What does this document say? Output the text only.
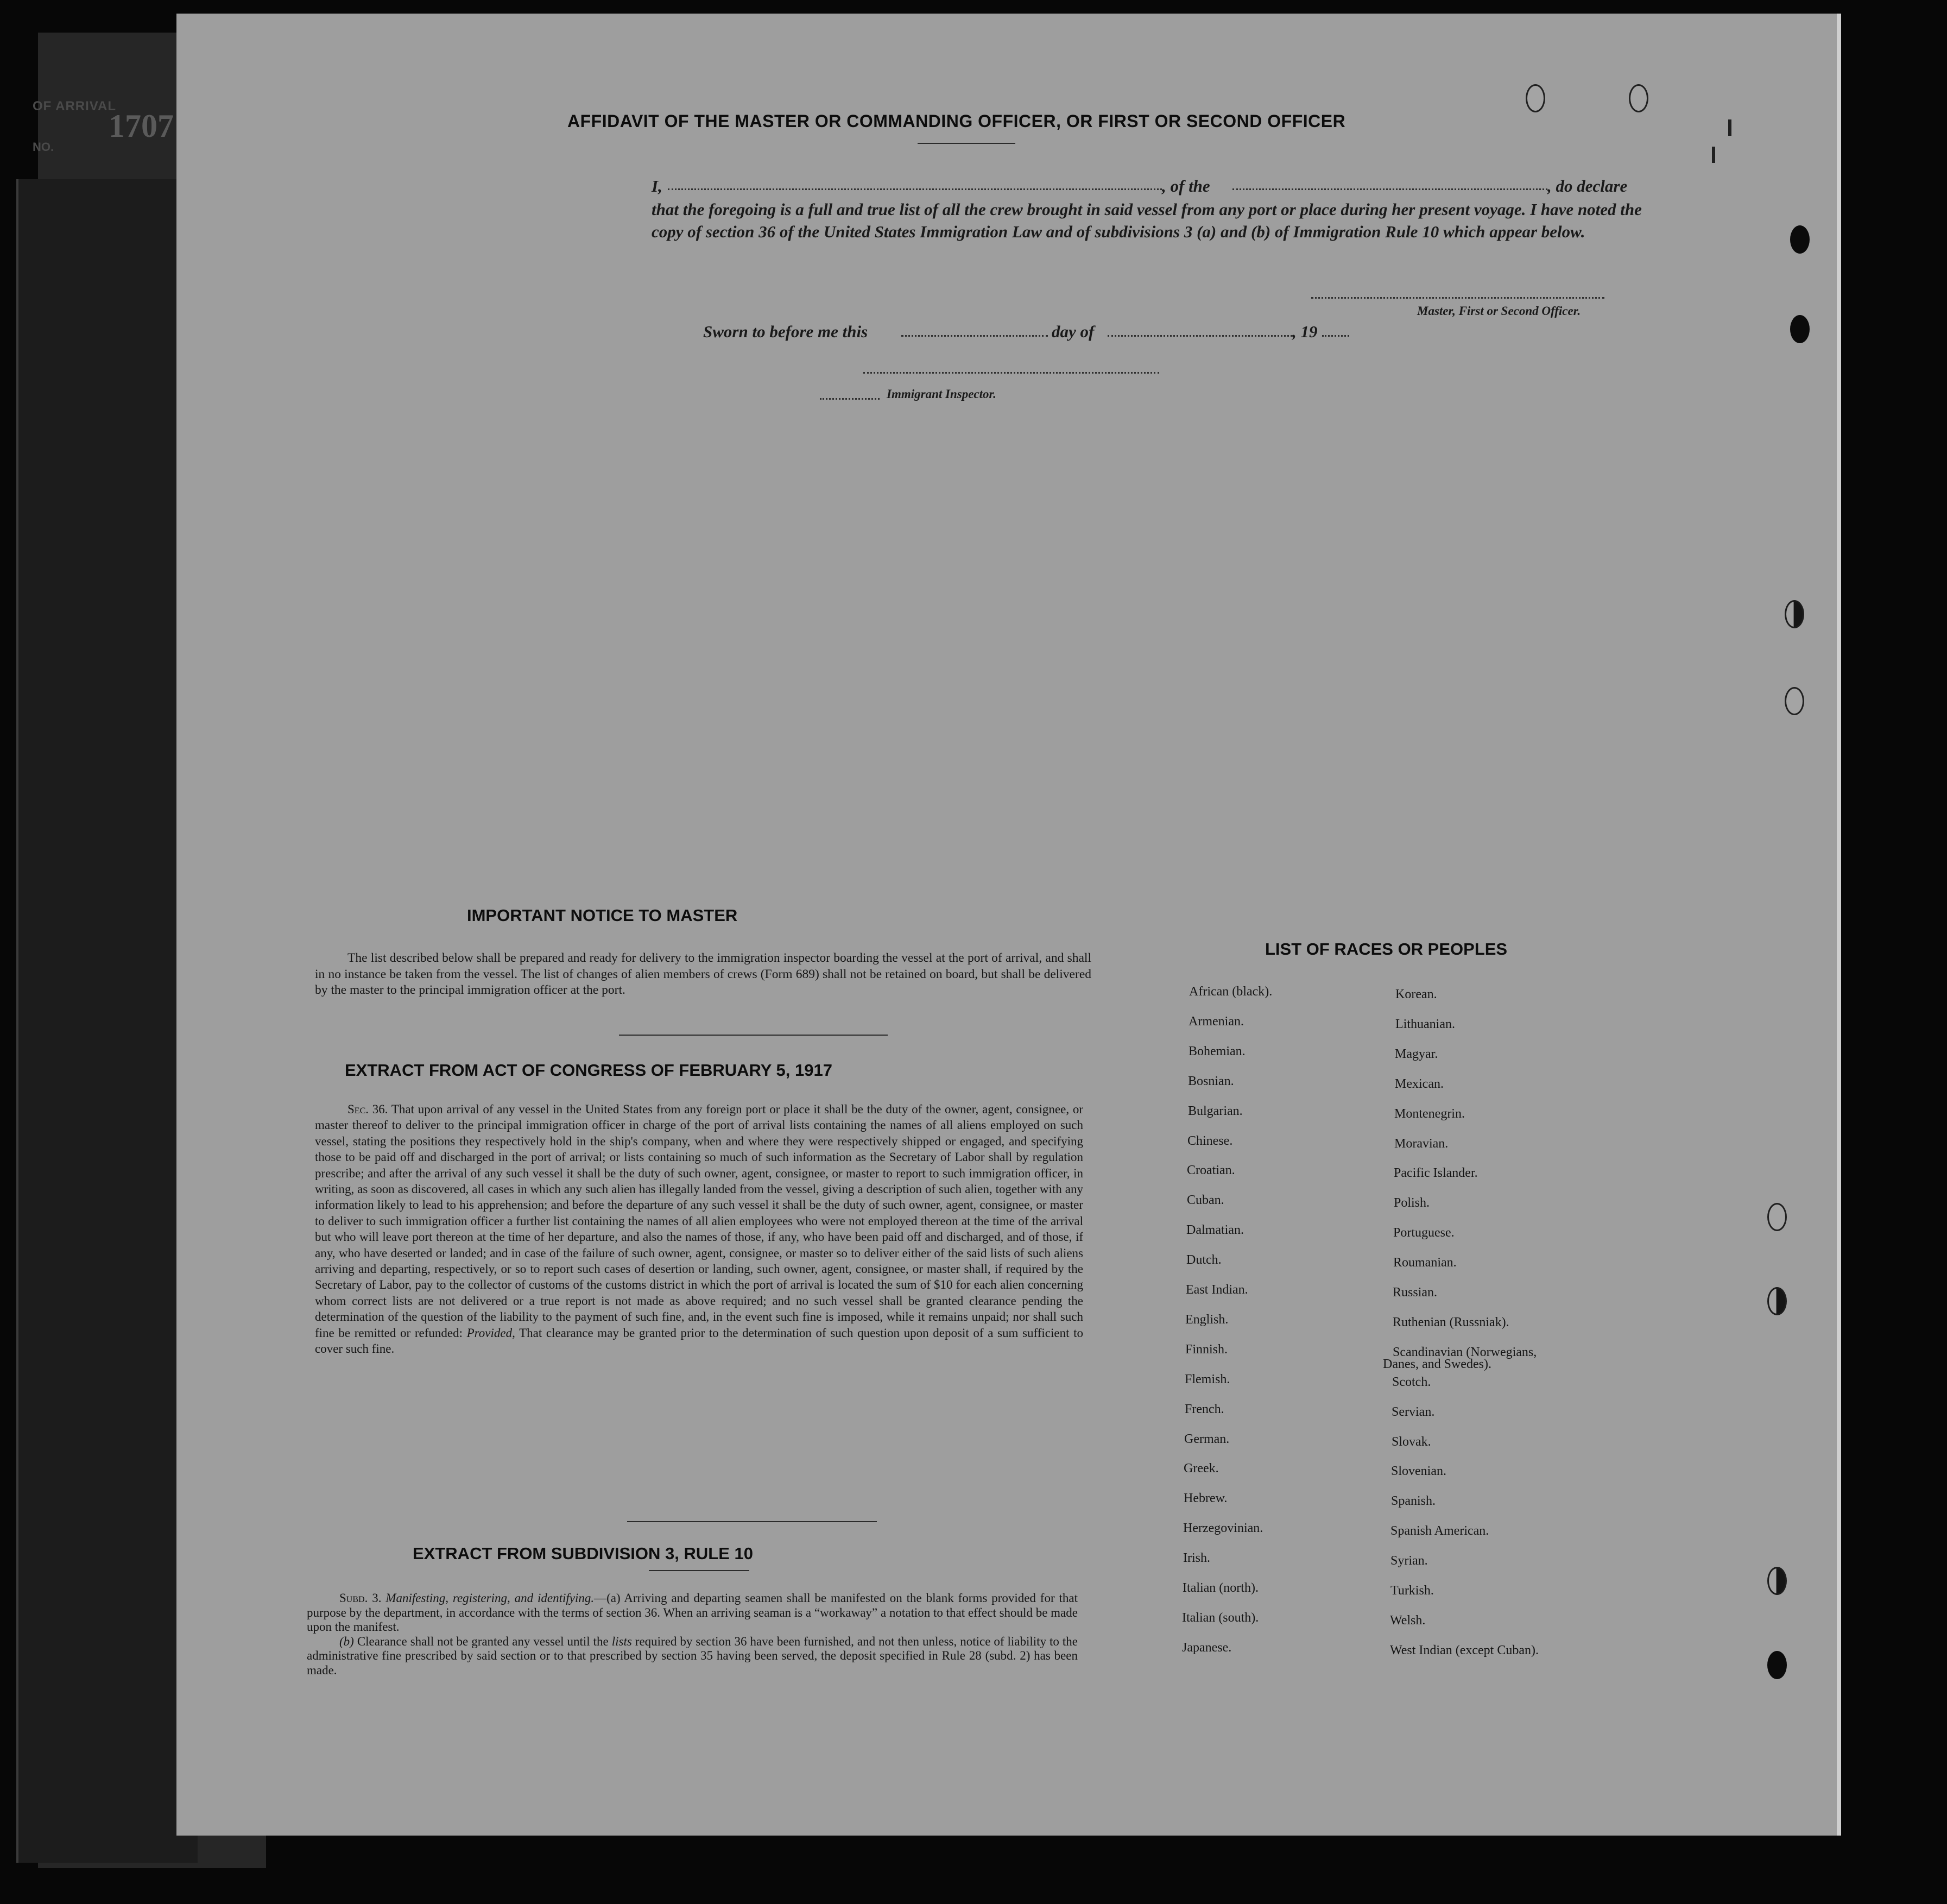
OF ARRIVAL
1707
NO.
AFFIDAVIT OF THE MASTER OR COMMANDING OFFICER, OR FIRST OR SECOND OFFICER
I,	, of the	, do declare
that the foregoing is a full and true list of all the crew brought in said vessel from any port or place during her present voyage. I have noted the copy of section 36 of the United States Immigration Law and of subdivisions 3 (a) and (b) of Immigration Rule 10 which appear below.
Master, First or Second Officer.
Sworn to before me this	day of	, 19
Immigrant Inspector.
IMPORTANT NOTICE TO MASTER

The list described below shall be prepared and ready for delivery to the immigration inspector boarding the vessel at the port of arrival, and shall in no instance be taken from the vessel. The list of changes of alien members of crews (Form 689) shall not be retained on board, but shall be delivered by the master to the principal immigration officer at the port.

EXTRACT FROM ACT OF CONGRESS OF FEBRUARY 5, 1917

Sec. 36. That upon arrival of any vessel in the United States from any foreign port or place it shall be the duty of the owner, agent, consignee, or master thereof to deliver to the principal immigration officer in charge of the port of arrival lists containing the names of all aliens employed on such vessel, stating the positions they respectively hold in the ship's company, when and where they were respectively shipped or engaged, and specifying those to be paid off and discharged in the port of arrival; or lists containing so much of such information as the Secretary of Labor shall by regulation prescribe; and after the arrival of any such vessel it shall be the duty of such owner, agent, consignee, or master to report to such immigration officer, in writing, as soon as discovered, all cases in which any such alien has illegally landed from the vessel, giving a description of such alien, together with any information likely to lead to his apprehension; and before the departure of any such vessel it shall be the duty of such owner, agent, consignee, or master to deliver to such immigration officer a further list containing the names of all alien employees who were not employed thereon at the time of the arrival but who will leave port thereon at the time of her departure, and also the names of those, if any, who have been paid off and discharged, and of those, if any, who have deserted or landed; and in case of the failure of such owner, agent, consignee, or master so to deliver either of the said lists of such aliens arriving and departing, respectively, or so to report such cases of desertion or landing, such owner, agent, consignee, or master shall, if required by the Secretary of Labor, pay to the collector of customs of the customs district in which the port of arrival is located the sum of $10 for each alien concerning whom correct lists are not delivered or a true report is not made as above required; and no such vessel shall be granted clearance pending the determination of the question of the liability to the payment of such fine, and, in the event such fine is imposed, while it remains unpaid; nor shall such fine be remitted or refunded: Provided, That clearance may be granted prior to the determination of such question upon deposit of a sum sufficient to cover such fine.

EXTRACT FROM SUBDIVISION 3, RULE 10

Subd. 3. Manifesting, registering, and identifying.—(a) Arriving and departing seamen shall be manifested on the blank forms provided for that purpose by the department, in accordance with the terms of section 36. When an arriving seaman is a “workaway” a notation to that effect should be made upon the manifest.

(b) Clearance shall not be granted any vessel until the lists required by section 36 have been furnished, and not then unless, notice of liability to the administrative fine prescribed by said section or to that prescribed by section 35 having been served, the deposit specified in Rule 28 (subd. 2) has been made.

LIST OF RACES OR PEOPLES
African (black).
Armenian.
Bohemian.
Bosnian.
Bulgarian.
Chinese.
Croatian.
Cuban.
Dalmatian.
Dutch.
East Indian.
English.
Finnish.
Flemish.
French.
German.
Greek.
Hebrew.
Herzegovinian.
Irish.
Italian (north).
Italian (south).
Japanese.
Korean.
Lithuanian.
Magyar.
Mexican.
Montenegrin.
Moravian.
Pacific Islander.
Polish.
Portuguese.
Roumanian.
Russian.
Ruthenian (Russniak).
Scandinavian (Norwegians,
Danes, and Swedes).
Scotch.
Servian.
Slovak.
Slovenian.
Spanish.
Spanish American.
Syrian.
Turkish.
Welsh.
West Indian (except Cuban).
